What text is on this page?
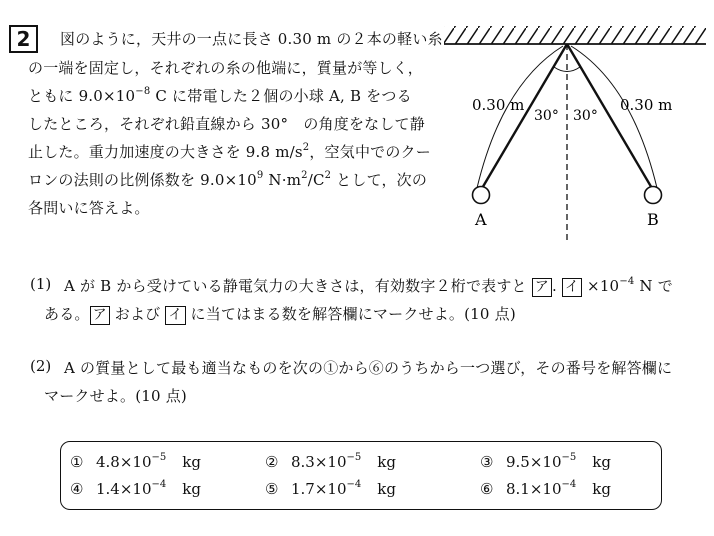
2	図のように，天井の一点に長さ 0.30 m の２本の軽い糸
の一端を固定し，それぞれの糸の他端に，質量が等しく，
ともに $9.0\times 10^{-8}$ C に帯電した２個の小球 A, B をつる
したところ，それぞれ鉛直線から 30°　の角度をなして静
止した。重力加速度の大きさを 9.8 $m/s^2$，空気中でのクー
ロンの法則の比例係数を $9.0\times 10^9$ $N\cdot m^2/C^2$ として，次の
各問いに答えよ。
0.30 m	0.30 m
30° 30°
A	B
(1) A が B から受けている静電気力の大きさは，有効数字２桁で表すと ア . イ $\times 10^{-4}$ N で
ある。 ア および イ に当てはまる数を解答欄にマークせよ。(10 点)
(2) A の質量として最も適当なものを次の①から⑥のうちから一つ選び，その番号を解答欄に
マークせよ。(10 点)
① $4.8\times 10^{-5}$ kg	② $8.3\times 10^{-5}$ kg	③ $9.5\times 10^{-5}$ kg
④ $1.4\times 10^{-4}$ kg	⑤ $1.7\times 10^{-4}$ kg	⑥ $8.1\times 10^{-4}$ kg
